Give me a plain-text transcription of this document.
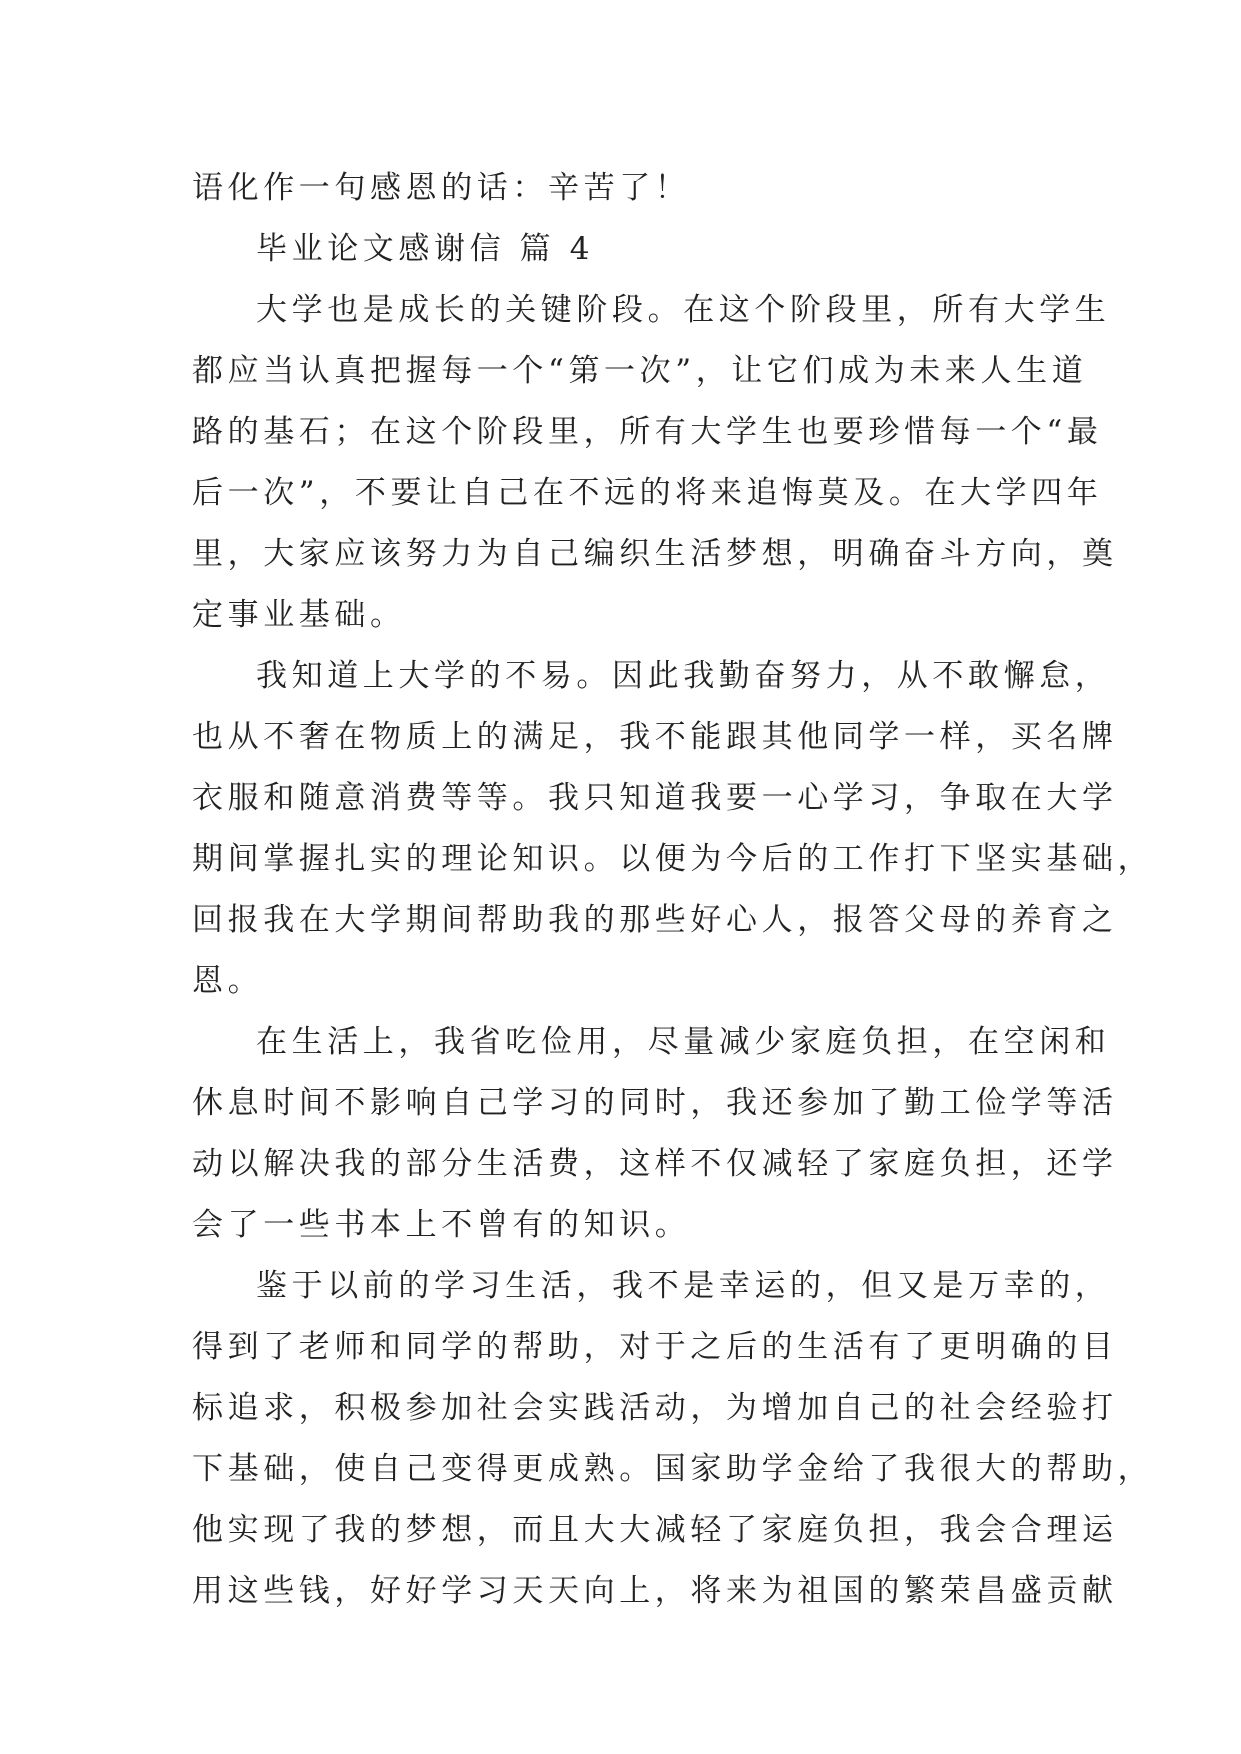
语化作一句感恩的话：辛苦了！
毕业论文感谢信 篇 4
大学也是成长的关键阶段。在这个阶段里，所有大学生
都应当认真把握每一个“第一次”，让它们成为未来人生道
路的基石；在这个阶段里，所有大学生也要珍惜每一个“最
后一次”，不要让自己在不远的将来追悔莫及。在大学四年
里，大家应该努力为自己编织生活梦想，明确奋斗方向，奠
定事业基础。
我知道上大学的不易。因此我勤奋努力，从不敢懈怠，
也从不奢在物质上的满足，我不能跟其他同学一样，买名牌
衣服和随意消费等等。我只知道我要一心学习，争取在大学
期间掌握扎实的理论知识。以便为今后的工作打下坚实基础，
回报我在大学期间帮助我的那些好心人，报答父母的养育之
恩。
在生活上，我省吃俭用，尽量减少家庭负担，在空闲和
休息时间不影响自己学习的同时，我还参加了勤工俭学等活
动以解决我的部分生活费，这样不仅减轻了家庭负担，还学
会了一些书本上不曾有的知识。
鉴于以前的学习生活，我不是幸运的，但又是万幸的，
得到了老师和同学的帮助，对于之后的生活有了更明确的目
标追求，积极参加社会实践活动，为增加自己的社会经验打
下基础，使自己变得更成熟。国家助学金给了我很大的帮助，
他实现了我的梦想，而且大大减轻了家庭负担，我会合理运
用这些钱，好好学习天天向上，将来为祖国的繁荣昌盛贡献
